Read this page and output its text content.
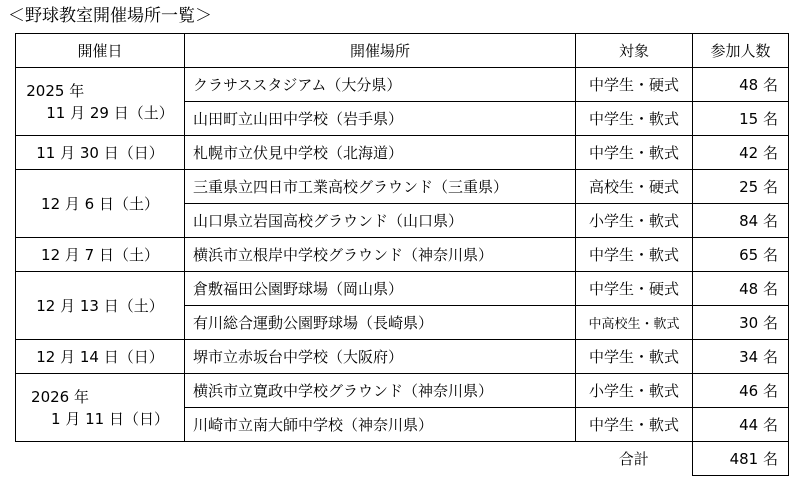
＜野球教室開催場所一覧＞
開催日	開催場所	対象	参加人数

2025 年
11 月 29 日（土）	クラサススタジアム（大分県）	中学生・硬式	48 名
	山田町立山田中学校（岩手県）	中学生・軟式	15 名
11 月 30 日（日）	札幌市立伏見中学校（北海道）	中学生・軟式	42 名
12 月 6 日（土）	三重県立四日市工業高校グラウンド（三重県）	高校生・硬式	25 名
	山口県立岩国高校グラウンド（山口県）	小学生・軟式	84 名
12 月 7 日（土）	横浜市立根岸中学校グラウンド（神奈川県）	中学生・軟式	65 名
12 月 13 日（土）	倉敷福田公園野球場（岡山県）	中学生・硬式	48 名
	有川総合運動公園野球場（長崎県）	中高校生・軟式	30 名
12 月 14 日（日）	堺市立赤坂台中学校（大阪府）	中学生・軟式	34 名

2026 年
1 月 11 日（日）	横浜市立寛政中学校グラウンド（神奈川県）	小学生・軟式	46 名
	川崎市立南大師中学校（神奈川県）	中学生・軟式	44 名
		合計	481 名
